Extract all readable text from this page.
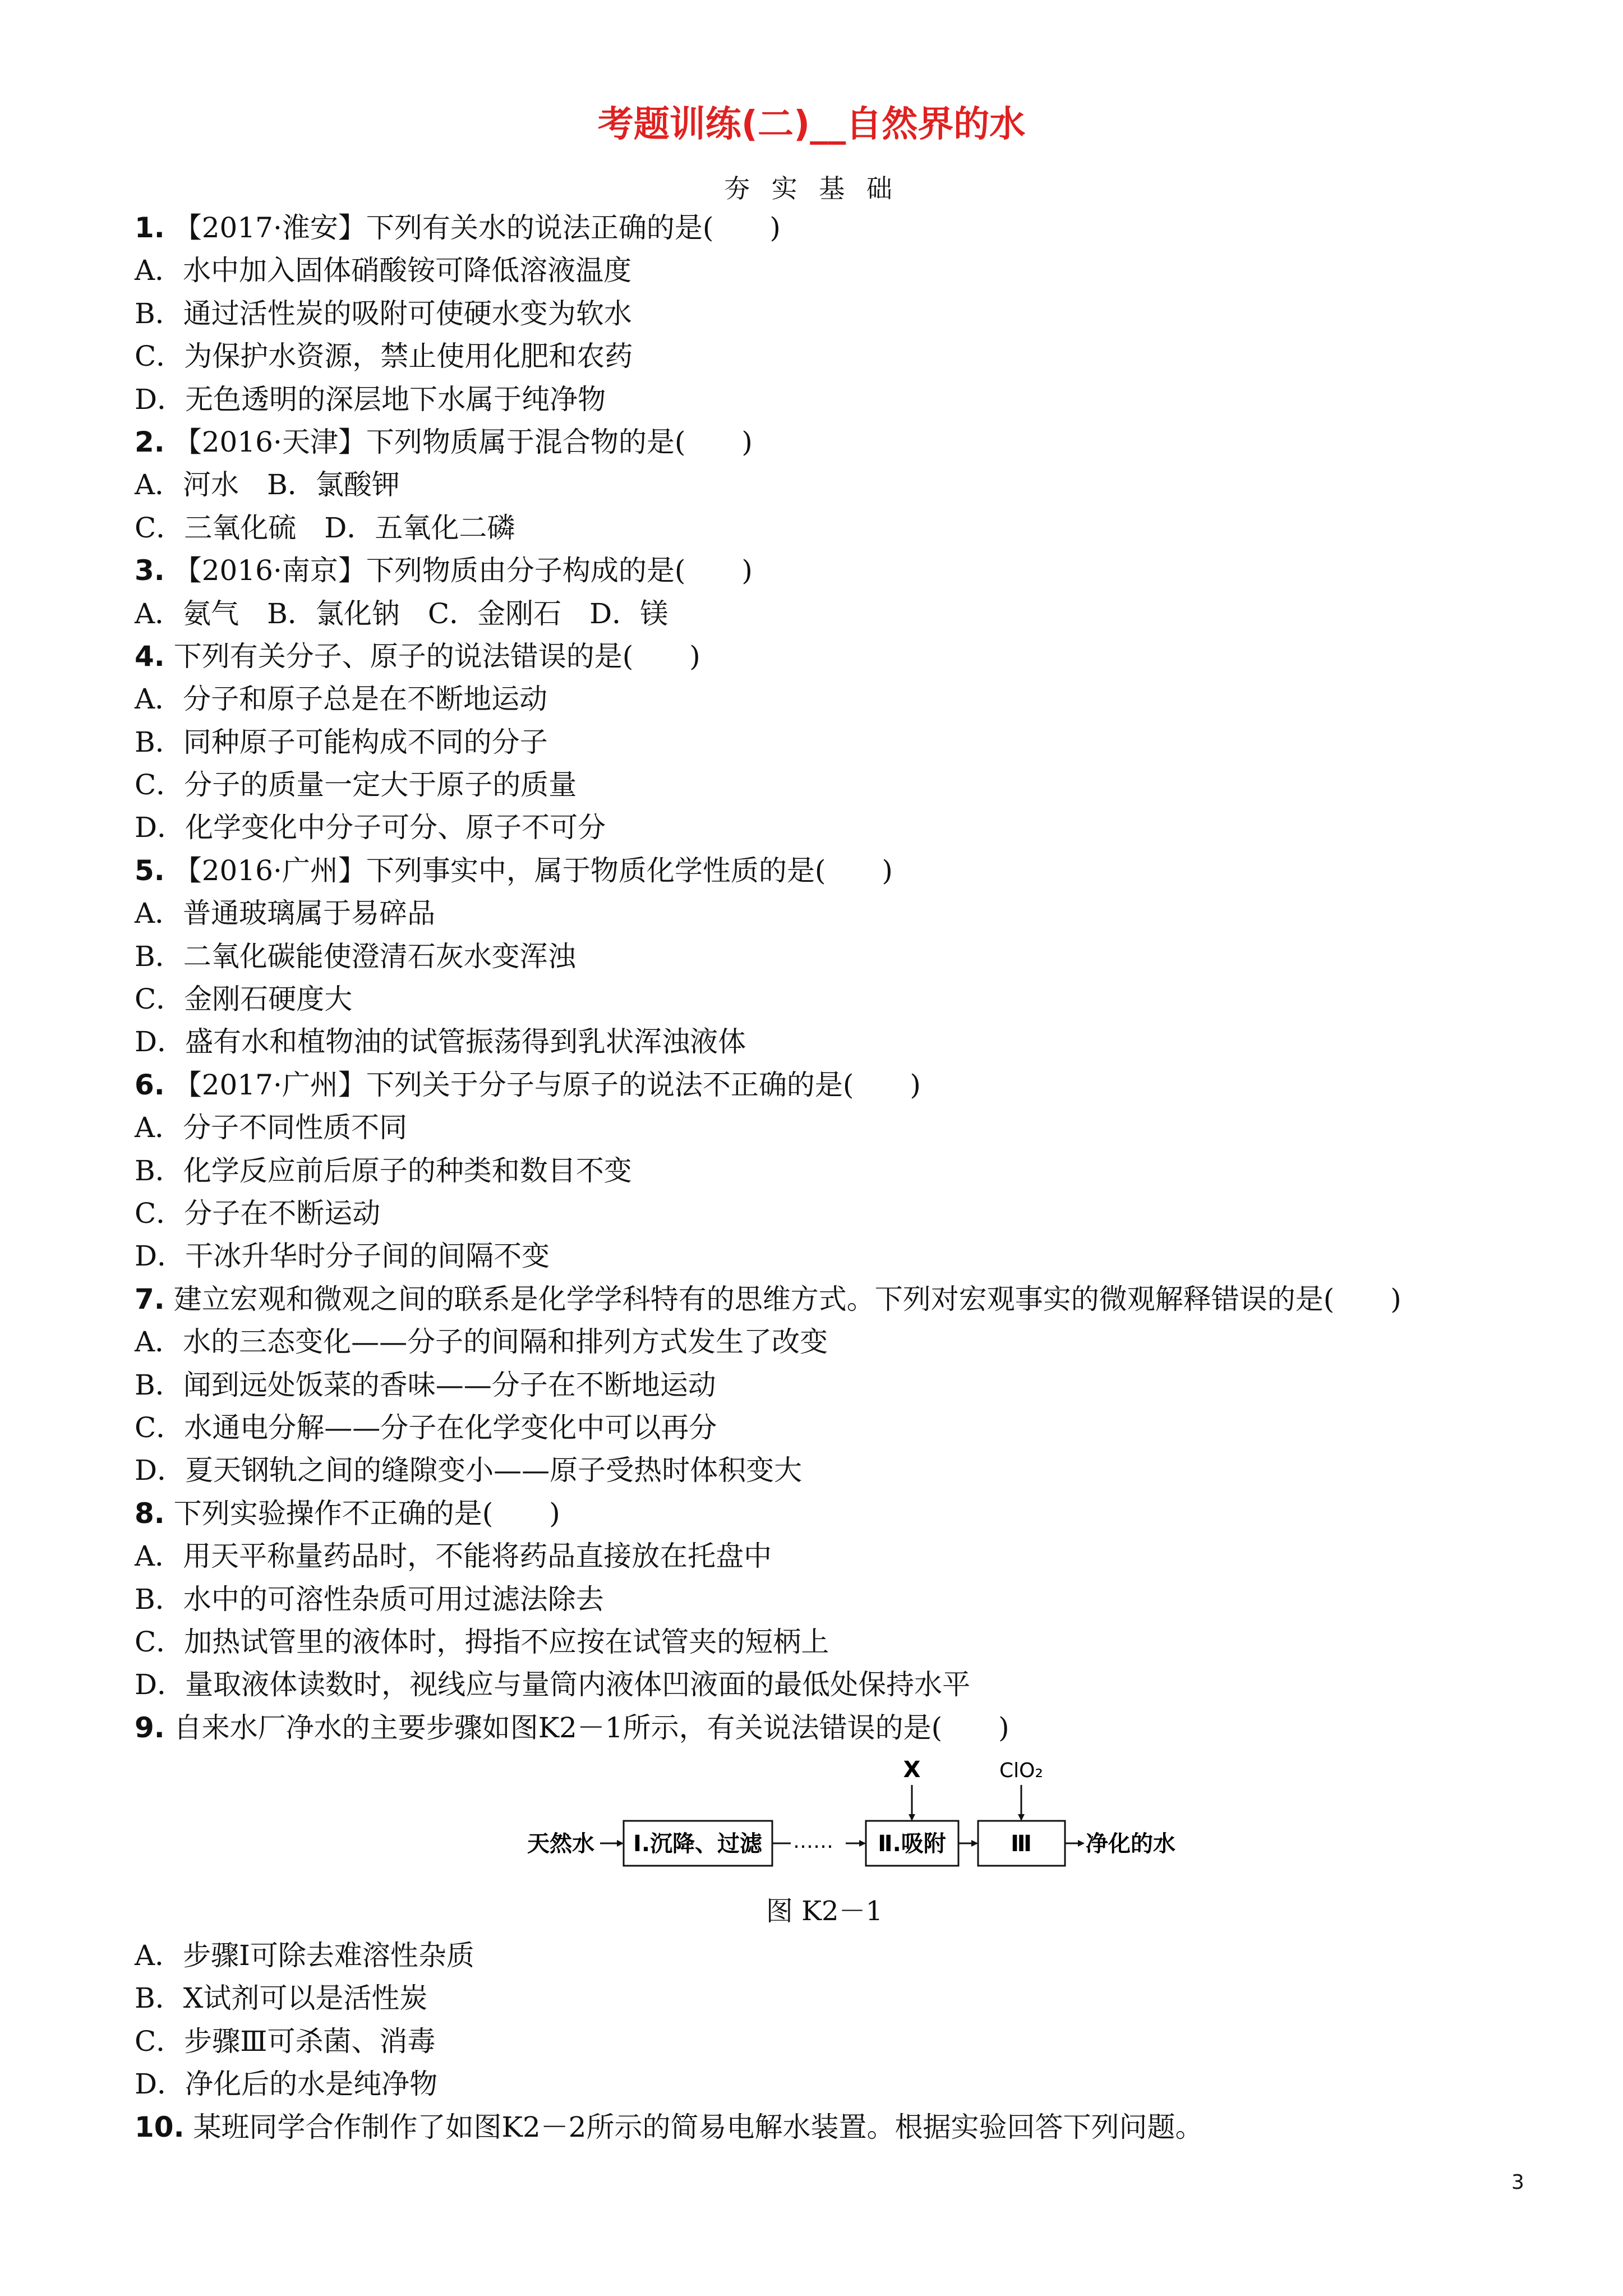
考题训练(二)__自然界的水
夯 实 基 础
1. 【2017·淮安】下列有关水的说法正确的是(　　)
A．水中加入固体硝酸铵可降低溶液温度
B．通过活性炭的吸附可使硬水变为软水
C．为保护水资源，禁止使用化肥和农药
D．无色透明的深层地下水属于纯净物
2. 【2016·天津】下列物质属于混合物的是(　　)
A．河水　B．氯酸钾
C．三氧化硫　D．五氧化二磷
3. 【2016·南京】下列物质由分子构成的是(　　)
A．氨气　B．氯化钠　C．金刚石　D．镁
4. 下列有关分子、原子的说法错误的是(　　)
A．分子和原子总是在不断地运动
B．同种原子可能构成不同的分子
C．分子的质量一定大于原子的质量
D．化学变化中分子可分、原子不可分
5. 【2016·广州】下列事实中，属于物质化学性质的是(　　)
A．普通玻璃属于易碎品
B．二氧化碳能使澄清石灰水变浑浊
C．金刚石硬度大
D．盛有水和植物油的试管振荡得到乳状浑浊液体
6. 【2017·广州】下列关于分子与原子的说法不正确的是(　　)
A．分子不同性质不同
B．化学反应前后原子的种类和数目不变
C．分子在不断运动
D．干冰升华时分子间的间隔不变
7. 建立宏观和微观之间的联系是化学学科特有的思维方式。下列对宏观事实的微观解释错误的是(　　)
A．水的三态变化——分子的间隔和排列方式发生了改变
B．闻到远处饭菜的香味——分子在不断地运动
C．水通电分解——分子在化学变化中可以再分
D．夏天钢轨之间的缝隙变小——原子受热时体积变大
8. 下列实验操作不正确的是(　　)
A．用天平称量药品时，不能将药品直接放在托盘中
B．水中的可溶性杂质可用过滤法除去
C．加热试管里的液体时，拇指不应按在试管夹的短柄上
D．量取液体读数时，视线应与量筒内液体凹液面的最低处保持水平
9. 自来水厂净水的主要步骤如图K2－1所示，有关说法错误的是(　　)
天然水 Ⅰ.沉降、过滤 …… Ⅱ.吸附
X
Ⅲ
ClO₂
净化的水
图 K2－1
A．步骤Ⅰ可除去难溶性杂质
B．X试剂可以是活性炭
C．步骤Ⅲ可杀菌、消毒
D．净化后的水是纯净物
10. 某班同学合作制作了如图K2－2所示的简易电解水装置。根据实验回答下列问题。
3
